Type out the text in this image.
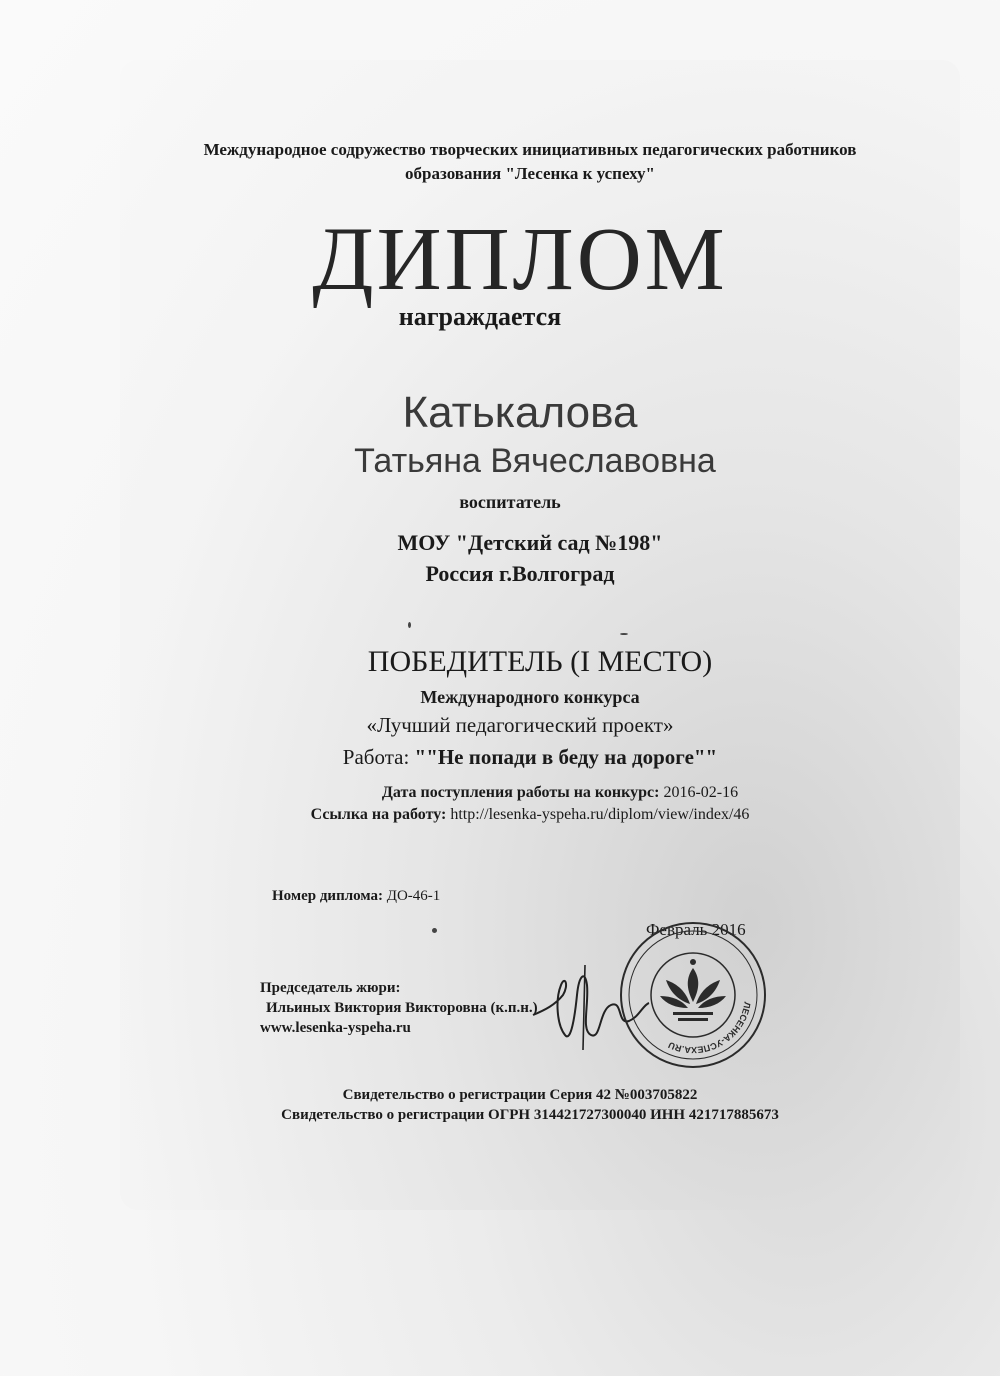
Международное содружество творческих инициативных педагогических работников образования "Лесенка к успеху"
ДИПЛОМ
награждается
Катькалова
Татьяна Вячеславовна
воспитатель
МОУ "Детский сад №198"
Россия г.Волгоград
ПОБЕДИТЕЛЬ (I МЕСТО)
Международного конкурса
«Лучший педагогический проект»
Работа: ""Не попади в беду на дороге""
Дата поступления работы на конкурс: 2016-02-16
Ссылка на работу: http://lesenka-yspeha.ru/diplom/view/index/46
Номер диплома: ДО-46-1
Февраль 2016
Председатель жюри:
Ильиных Виктория Викторовна (к.п.н.)
www.lesenka-yspeha.ru
ЛЕСЕНКА-УСПЕХА.RU
Свидетельство о регистрации Серия 42 №003705822
Свидетельство о регистрации ОГРН 314421727300040 ИНН 421717885673
